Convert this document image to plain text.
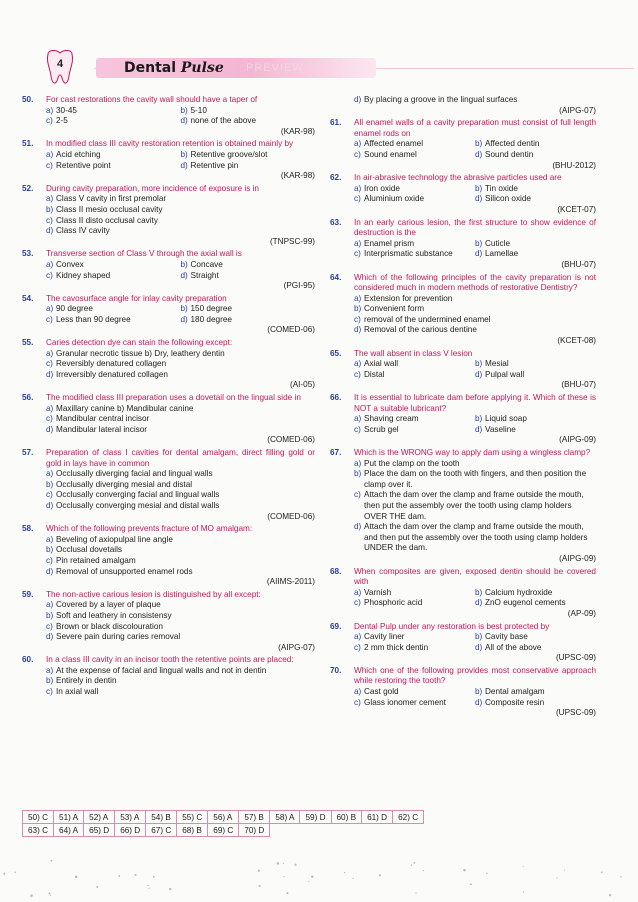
4	Dental Pulse PREVIEW
50.	For cast restorations the cavity wall should have a taper of
a) 30-45	b) 5-10
c) 2-5	d) none of the above
(KAR-98)
51.	In modified class III cavity restoration retention is obtained mainly by
a) Acid etching	b) Retentive groove/slot
c) Retentive point	d) Retentive pin
(KAR-98)
52.	During cavity preparation, more incidence of exposure is in
a) Class V cavity in first premolar
b) Class II mesio occlusal cavity
c) Class II disto occlusal cavity
d) Class IV cavity
(TNPSC-99)
53.	Transverse section of Class V through the axial wall is
a) Convex	b) Concave
c) Kidney shaped	d) Straight
(PGI-95)
54.	The cavosurface angle for inlay cavity preparation
a) 90 degree	b) 150 degree
c) Less than 90 degree	d) 180 degree
(COMED-06)
55.	Caries detection dye can stain the following except:
a) Granular necrotic tissue b) Dry, leathery dentin
c) Reversibly denatured collagen
d) Irreversibly denatured collagen
(AI-05)
56.	The modified class III preparation uses a dovetail on the lingual side in
a) Maxillary canine b) Mandibular canine
c) Mandibular central incisor
d) Mandibular lateral incisor
(COMED-06)
57.	Preparation of class I cavities for dental amalgam, direct filling gold or gold in lays have in common
a) Occlusally diverging facial and lingual walls
b) Occlusally diverging mesial and distal
c) Occlusally converging facial and lingual walls
d) Occlusally converging mesial and distal walls
(COMED-06)
58.	Which of the following prevents fracture of MO amalgam:
a) Beveling of axiopulpal line angle
b) Occlusal dovetails
c) Pin retained amalgam
d) Removal of unsupported enamel rods
(AIIMS-2011)
59.	The non-active carious lesion is distinguished by all except:
a) Covered by a layer of plaque
b) Soft and leathery in consistensy
c) Brown or black discolouration
d) Severe pain during caries removal
(AIPG-07)
60.	In a class III cavity in an incisor tooth the retentive points are placed:
a) At the expense of facial and lingual walls and not in dentin
b) Entirely in dentin
c) In axial wall
d) By placing a groove in the lingual surfaces
(AIPG-07)
61.	All enamel walls of a cavity preparation must consist of full length enamel rods on
a) Affected enamel	b) Affected dentin
c) Sound enamel	d) Sound dentin
(BHU-2012)
62.	In air-abrasive technology the abrasive particles used are
a) Iron oxide	b) Tin oxide
c) Aluminium oxide	d) Silicon oxide
(KCET-07)
63.	In an early carious lesion, the first structure to show evidence of destruction is the
a) Enamel prism	b) Cuticle
c) Interprismatic substance	d) Lamellae
(BHU-07)
64.	Which of the following principles of the cavity preparation is not considered much in modern methods of restorative Dentistry?
a) Extension for prevention
b) Convenient form
c) removal of the undermined enamel
d) Removal of the carious dentine
(KCET-08)
65.	The wall absent in class V lesion
a) Axial wall	b) Mesial
c) Distal	d) Pulpal wall
(BHU-07)
66.	It is essential to lubricate dam before applying it. Which of these is NOT a suitable lubricant?
a) Shaving cream	b) Liquid soap
c) Scrub gel	d) Vaseline
(AIPG-09)
67.	Which is the WRONG way to apply dam using a wingless clamp?
a) Put the clamp on the tooth
b) Place the dam on the tooth with fingers, and then position the clamp over it.
c) Attach the dam over the clamp and frame outside the mouth, then put the assembly over the tooth using clamp holders OVER THE dam.
d) Attach the dam over the clamp and frame outside the mouth, and then put the assembly over the tooth using clamp holders UNDER the dam.
(AIPG-09)
68.	When composites are given, exposed dentin should be covered with
a) Varnish	b) Calcium hydroxide
c) Phosphoric acid	d) ZnO eugenol cements
(AP-09)
69.	Dental Pulp under any restoration is best protected by
a) Cavity liner	b) Cavity base
c) 2 mm thick dentin	d) All of the above
(UPSC-09)
70.	Which one of the following provides most conservative approach while restoring the tooth?
a) Cast gold	b) Dental amalgam
c) Glass ionomer cement	d) Composite resin
(UPSC-09)
50) C	51) A	52) A	53) A	54) B	55) C	56) A	57) B	58) A	59) D	60) B	61) D	62) C
63) C	64) A	65) D	66) D	67) C	68) B	69) C	70) D					
